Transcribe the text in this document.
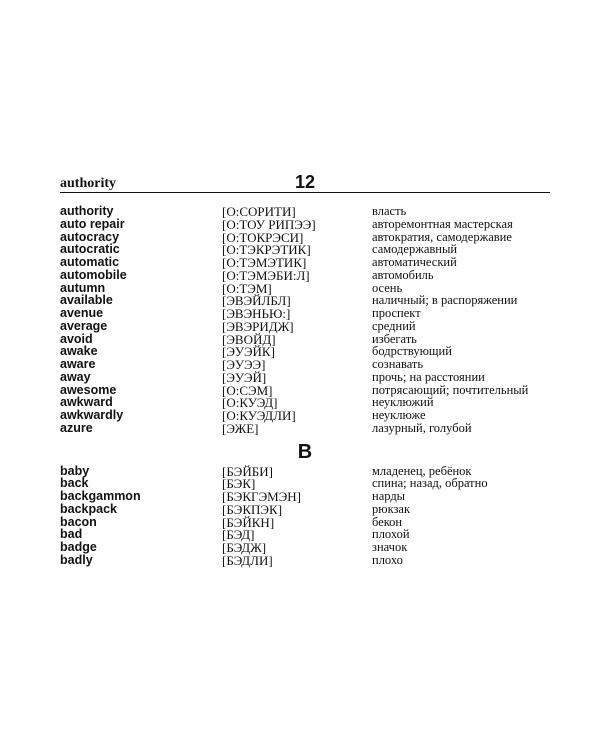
authority	12
authority	[О:СОРИТИ]	власть
auto repair	[О:ТОУ РИПЭЭ]	авторемонтная мастерская
autocracy	[О:ТОКРЭСИ]	автократия, самодержавие
autocratic	[О:ТЭКРЭТИК]	самодержавный
automatic	[О:ТЭМЭТИК]	автоматический
automobile	[О:ТЭМЭБИ:Л]	автомобиль
autumn	[О:ТЭМ]	осень
available	[ЭВЭЙЛБЛ]	наличный; в распоряжении
avenue	[ЭВЭНЬЮ:]	проспект
average	[ЭВЭРИДЖ]	средний
avoid	[ЭВОЙД]	избегать
awake	[ЭУЭЙК]	бодрствующий
aware	[ЭУЭЭ]	сознавать
away	[ЭУЭЙ]	прочь; на расстоянии
awesome	[О:СЭМ]	потрясающий; почтительный
awkward	[О:КУЭД]	неуклюжий
awkwardly	[О:КУЭДЛИ]	неуклюже
azure	[ЭЖЕ]	лазурный, голубой
B
baby	[БЭЙБИ]	младенец, ребёнок
back	[БЭК]	спина; назад, обратно
backgammon	[БЭКГЭМЭН]	нарды
backpack	[БЭКПЭК]	рюкзак
bacon	[БЭЙКН]	бекон
bad	[БЭД]	плохой
badge	[БЭДЖ]	значок
badly	[БЭДЛИ]	плохо
